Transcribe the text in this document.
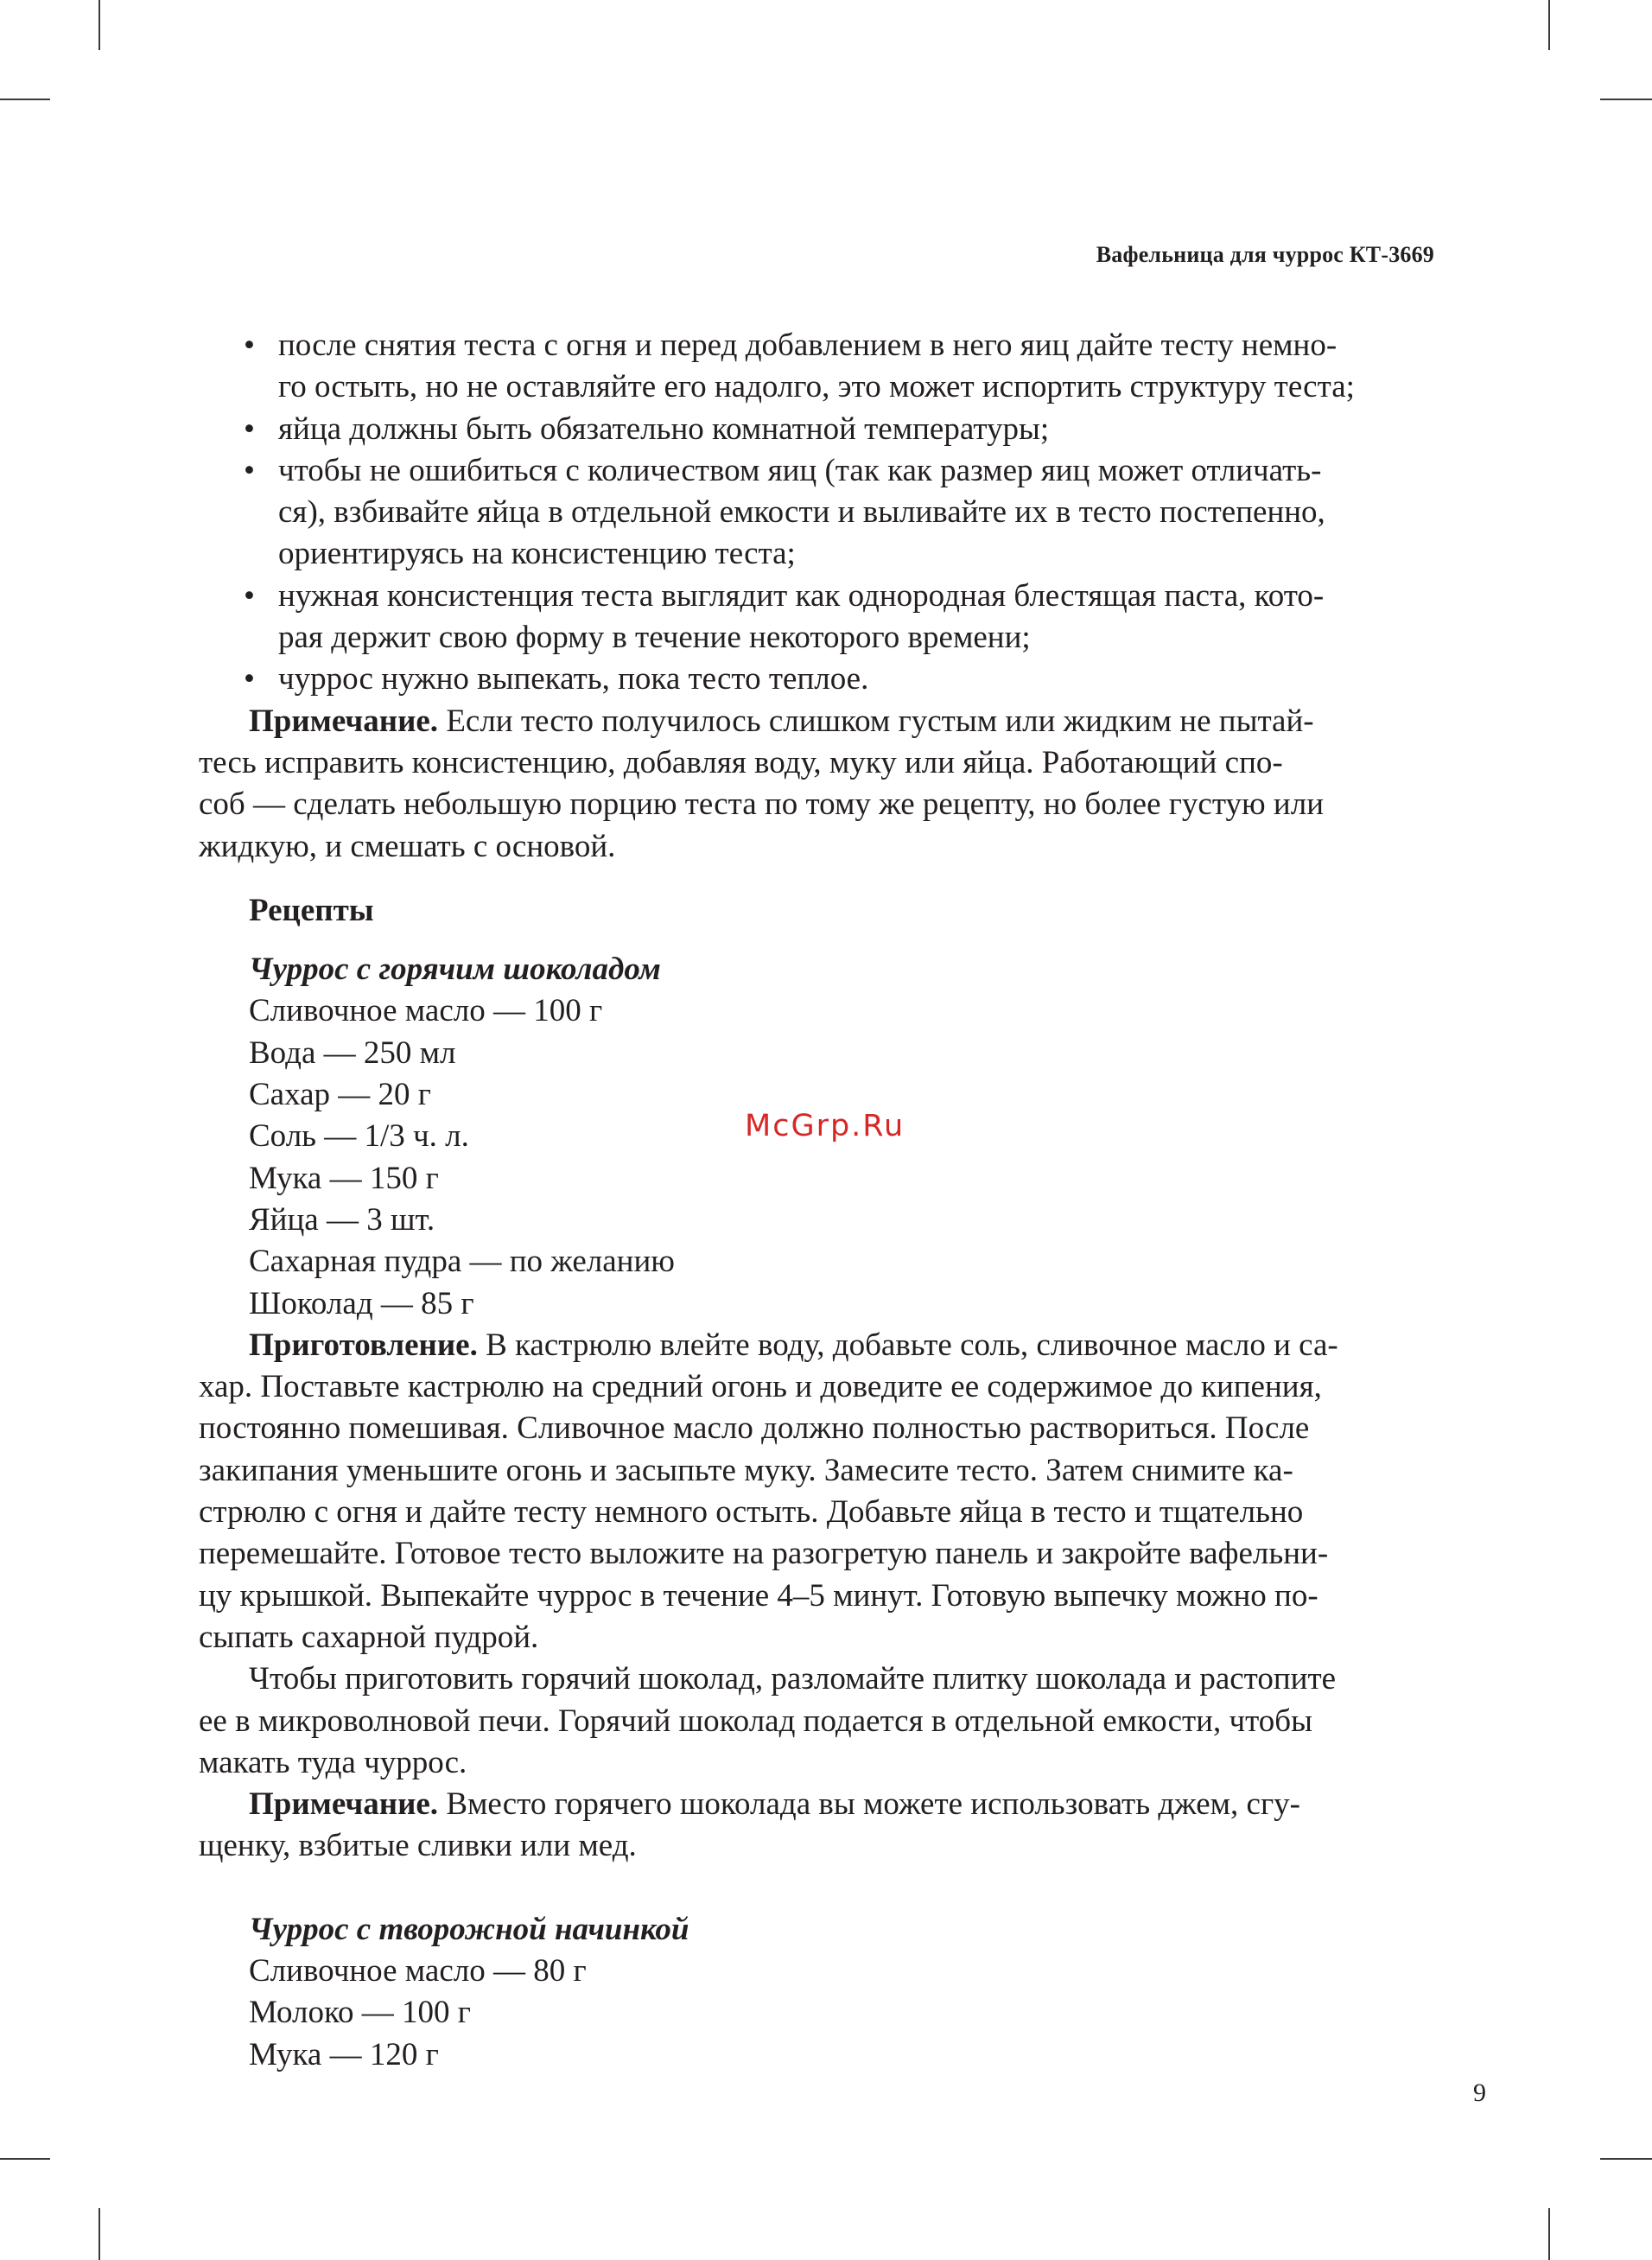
Вафельница для чуррос КТ-3669
• после снятия теста с огня и перед добавлением в него яиц дайте тесту немно-
го остыть, но не оставляйте его надолго, это может испортить структуру теста;
• яйца должны быть обязательно комнатной температуры;
• чтобы не ошибиться с количеством яиц (так как размер яиц может отличать-
ся), взбивайте яйца в отдельной емкости и выливайте их в тесто постепенно,
ориентируясь на консистенцию теста;
• нужная консистенция теста выглядит как однородная блестящая паста, кото-
рая держит свою форму в течение некоторого времени;
• чуррос нужно выпекать, пока тесто теплое.

Примечание. Если тесто получилось слишком густым или жидким не пытай-
тесь исправить консистенцию, добавляя воду, муку или яйца. Работающий спо-
соб — сделать небольшую порцию теста по тому же рецепту, но более густую или
жидкую, и смешать с основой.

Рецепты
Чуррос с горячим шоколадом
Сливочное масло — 100 г
Вода — 250 мл
Сахар — 20 г
Соль — 1/3 ч. л.
Мука — 150 г
Яйца — 3 шт.
Сахарная пудра — по желанию
Шоколад — 85 г

Приготовление. В кастрюлю влейте воду, добавьте соль, сливочное масло и са-
хар. Поставьте кастрюлю на средний огонь и доведите ее содержимое до кипения,
постоянно помешивая. Сливочное масло должно полностью раствориться. После
закипания уменьшите огонь и засыпьте муку. Замесите тесто. Затем снимите ка-
стрюлю с огня и дайте тесту немного остыть. Добавьте яйца в тесто и тщательно
перемешайте. Готовое тесто выложите на разогретую панель и закройте вафельни-
цу крышкой. Выпекайте чуррос в течение 4–5 минут. Готовую выпечку можно по-
сыпать сахарной пудрой.

Чтобы приготовить горячий шоколад, разломайте плитку шоколада и растопите
ее в микроволновой печи. Горячий шоколад подается в отдельной емкости, чтобы
макать туда чуррос.

Примечание. Вместо горячего шоколада вы можете использовать джем, сгу-
щенку, взбитые сливки или мед.

Чуррос с творожной начинкой
Сливочное масло — 80 г
Молоко — 100 г
Мука — 120 г
McGrp.Ru
9
